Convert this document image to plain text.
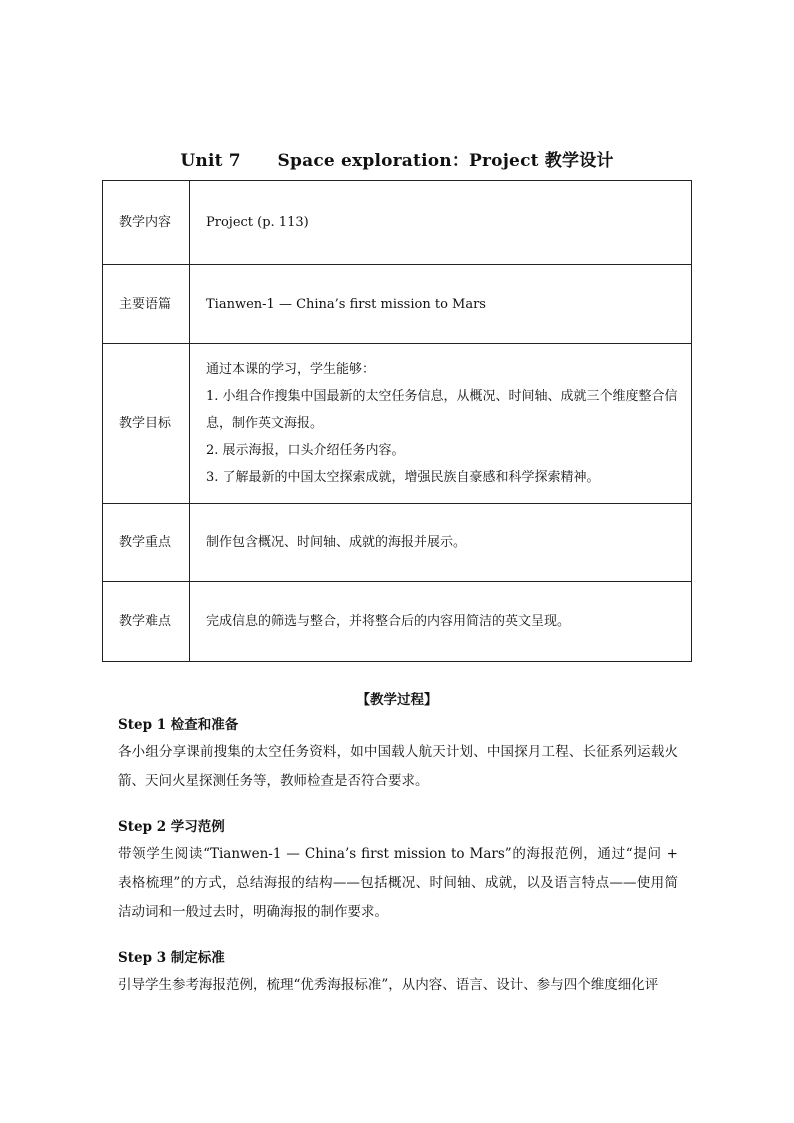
Unit 7      Space exploration：Project 教学设计
教学内容	Project (p. 113)

主要语篇	Tianwen-1 — China’s first mission to Mars

教学目标	通过本课的学习，学生能够：
1. 小组合作搜集中国最新的太空任务信息，从概况、时间轴、成就三个维度整合信息，制作英文海报。
2. 展示海报，口头介绍任务内容。
3. 了解最新的中国太空探索成就，增强民族自豪感和科学探索精神。

教学重点	制作包含概况、时间轴、成就的海报并展示。

教学难点	完成信息的筛选与整合，并将整合后的内容用简洁的英文呈现。
【教学过程】
Step 1 检查和准备
各小组分享课前搜集的太空任务资料，如中国载人航天计划、中国探月工程、长征系列运载火箭、天问火星探测任务等，教师检查是否符合要求。
Step 2 学习范例
带领学生阅读“Tianwen-1 — China’s first mission to Mars”的海报范例，通过“提问 + 表格梳理”的方式，总结海报的结构——包括概况、时间轴、成就，以及语言特点——使用简洁动词和一般过去时，明确海报的制作要求。
Step 3 制定标准
引导学生参考海报范例，梳理“优秀海报标准”，从内容、语言、设计、参与四个维度细化评
